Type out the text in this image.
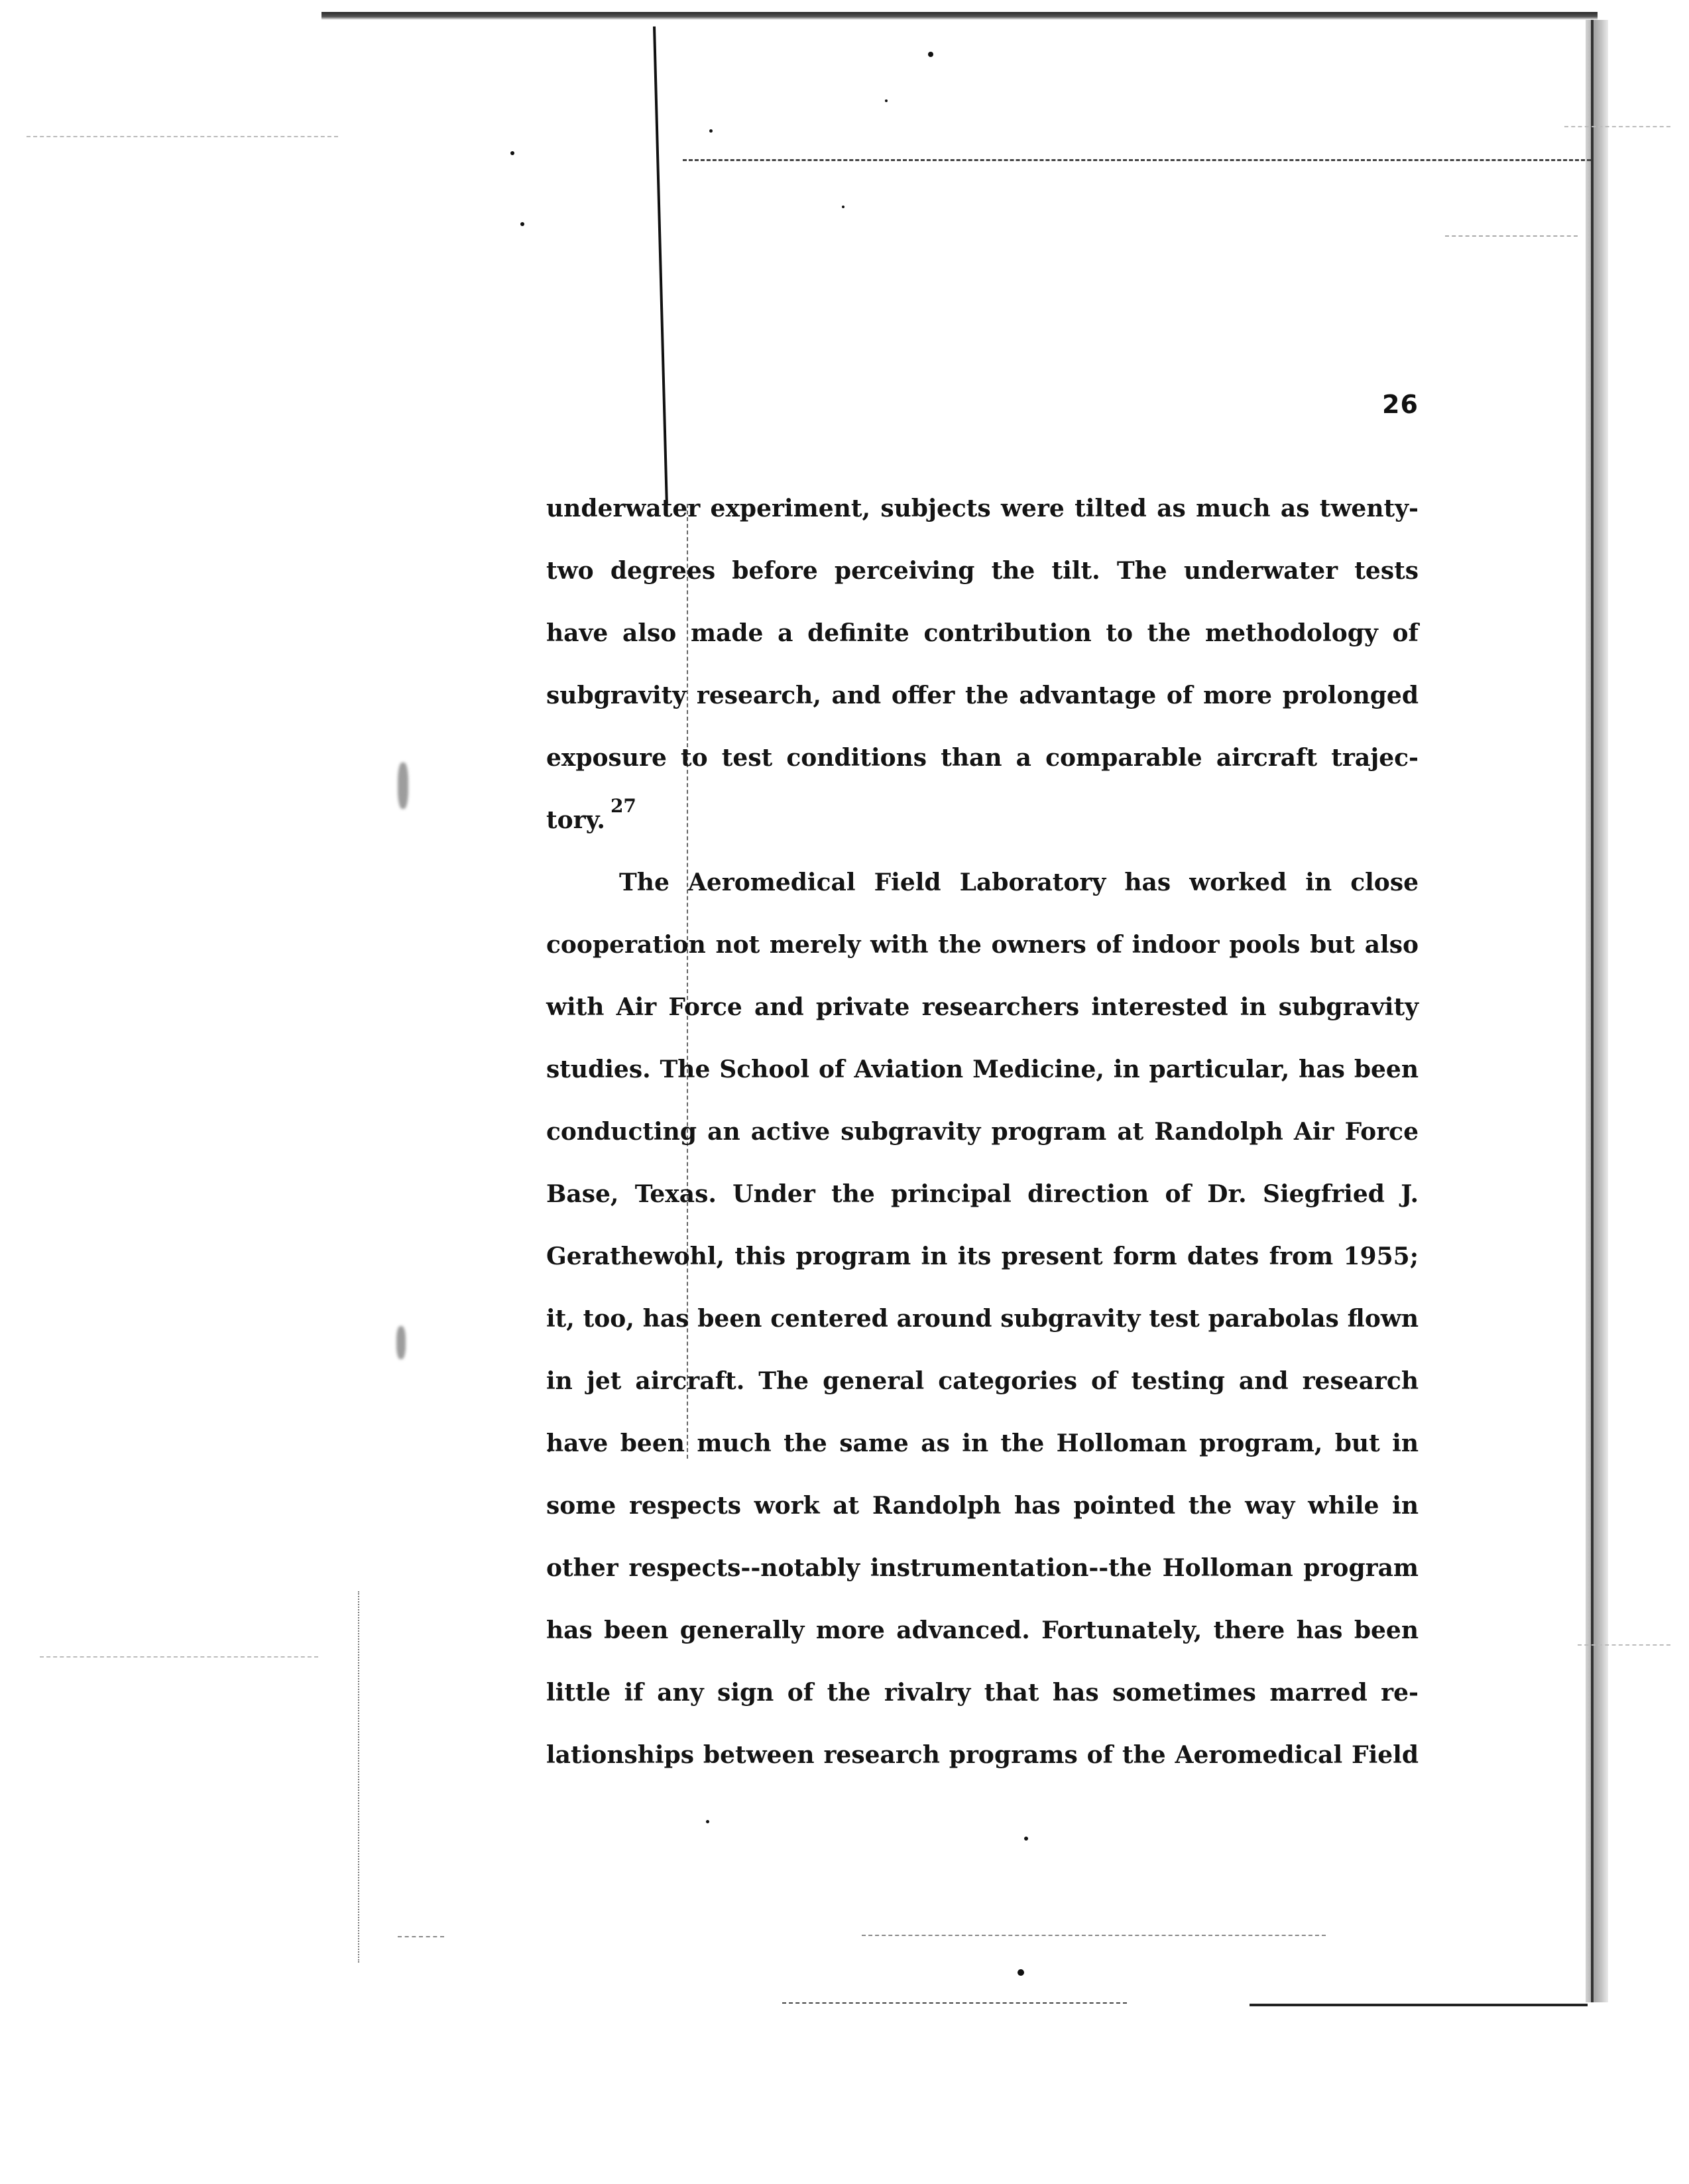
26
underwater experiment, subjects were tilted as much as twenty-
two degrees before perceiving the tilt. The underwater tests
have also made a definite contribution to the methodology of
subgravity research, and offer the advantage of more prolonged
exposure to test conditions than a comparable aircraft trajec-
tory.$^{27}$
The Aeromedical Field Laboratory has worked in close
cooperation not merely with the owners of indoor pools but also
with Air Force and private researchers interested in subgravity
studies. The School of Aviation Medicine, in particular, has been
conducting an active subgravity program at Randolph Air Force
Base, Texas. Under the principal direction of Dr. Siegfried J.
Gerathewohl, this program in its present form dates from 1955;
it, too, has been centered around subgravity test parabolas flown
in jet aircraft. The general categories of testing and research
have been much the same as in the Holloman program, but in
some respects work at Randolph has pointed the way while in
other respects--notably instrumentation--the Holloman program
has been generally more advanced. Fortunately, there has been
little if any sign of the rivalry that has sometimes marred re-
lationships between research programs of the Aeromedical Field
